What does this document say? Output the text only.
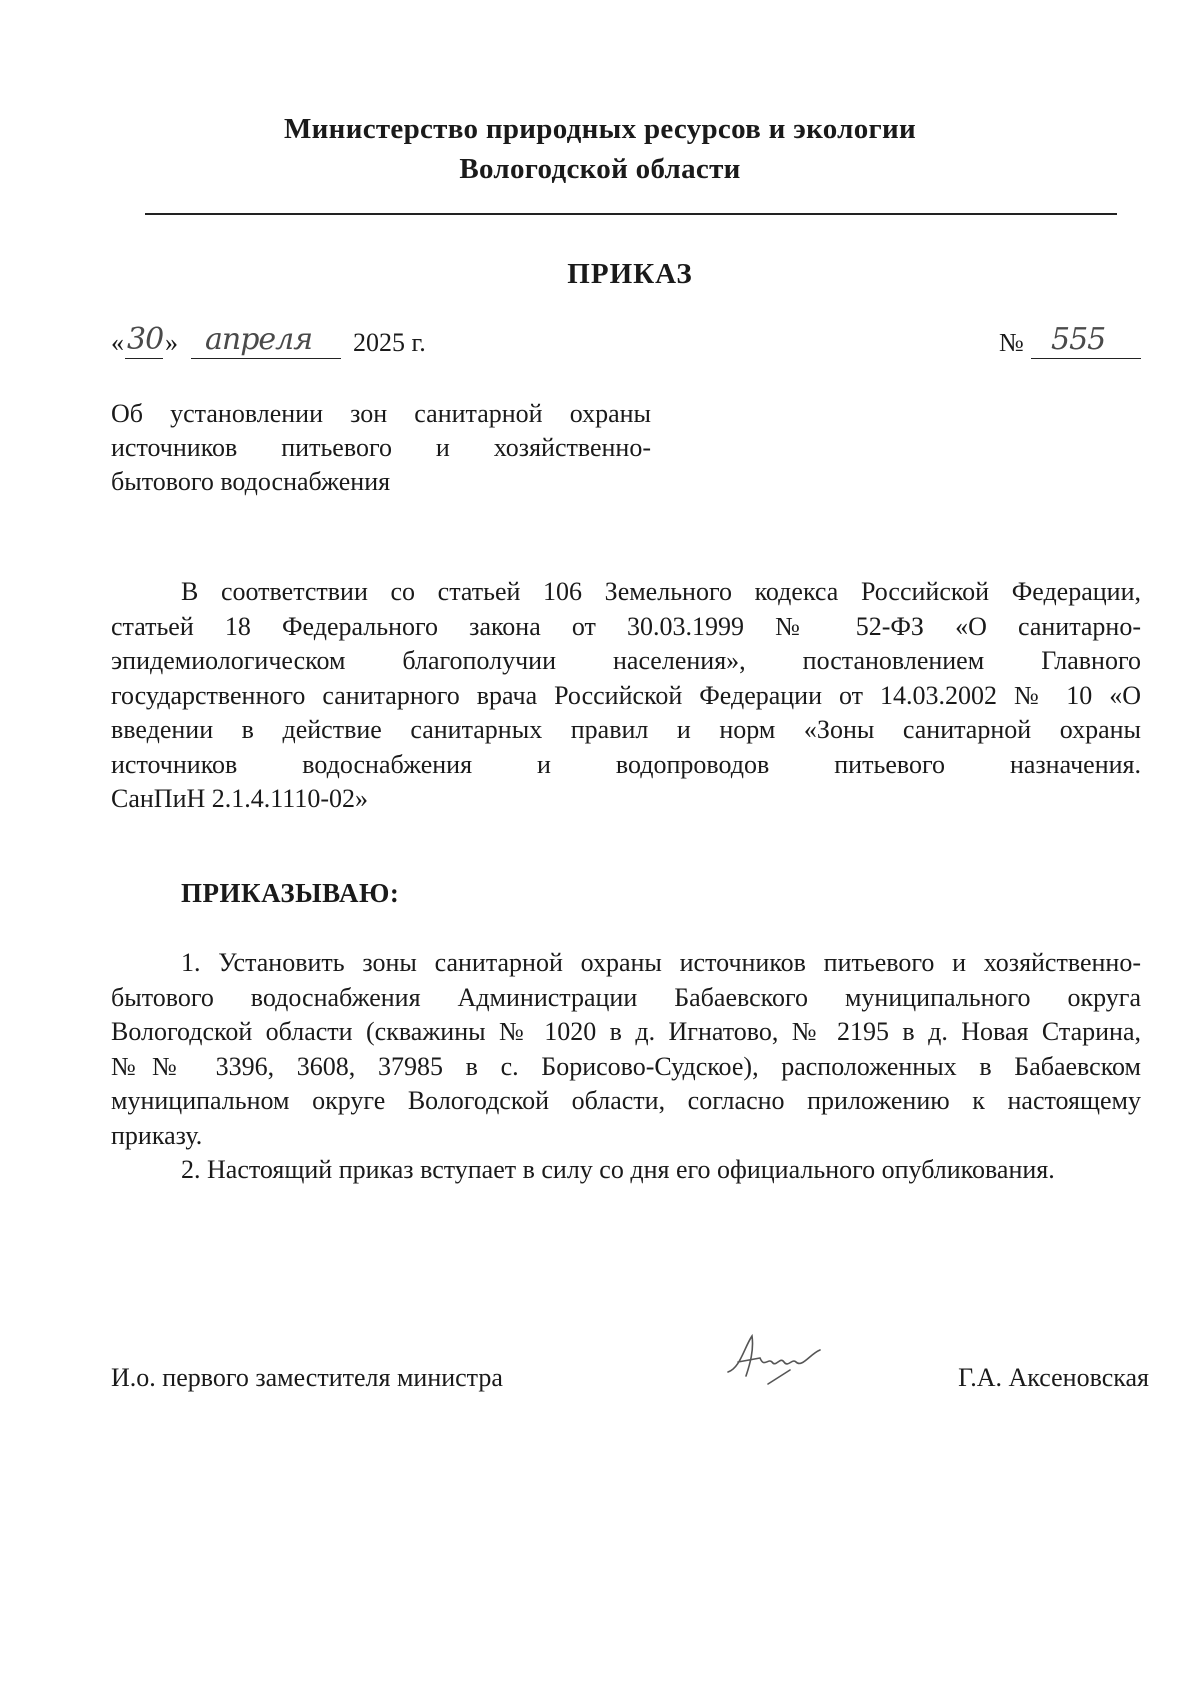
Министерство природных ресурсов и экологии
Вологодской области
ПРИКАЗ
« 30 » апреля 2025 г.	№ 555
Об установлении зон санитарной охраны
источников питьевого и хозяйственно-
бытового водоснабжения
В соответствии со статьей 106 Земельного кодекса Российской Федерации,
статьей 18 Федерального закона от 30.03.1999 № 52-ФЗ «О санитарно-
эпидемиологическом благополучии населения», постановлением Главного
государственного санитарного врача Российской Федерации от 14.03.2002 № 10 «О
введении в действие санитарных правил и норм «Зоны санитарной охраны
источников водоснабжения и водопроводов питьевого назначения.
СанПиН 2.1.4.1110-02»
ПРИКАЗЫВАЮ:
1. Установить зоны санитарной охраны источников питьевого и хозяйственно-
бытового водоснабжения Администрации Бабаевского муниципального округа
Вологодской области (скважины № 1020 в д. Игнатово, № 2195 в д. Новая Старина,
№№ 3396, 3608, 37985 в с. Борисово-Судское), расположенных в Бабаевском
муниципальном округе Вологодской области, согласно приложению к настоящему
приказу.
2. Настоящий приказ вступает в силу со дня его официального опубликования.
И.о. первого заместителя министра	Г.А. Аксеновская
